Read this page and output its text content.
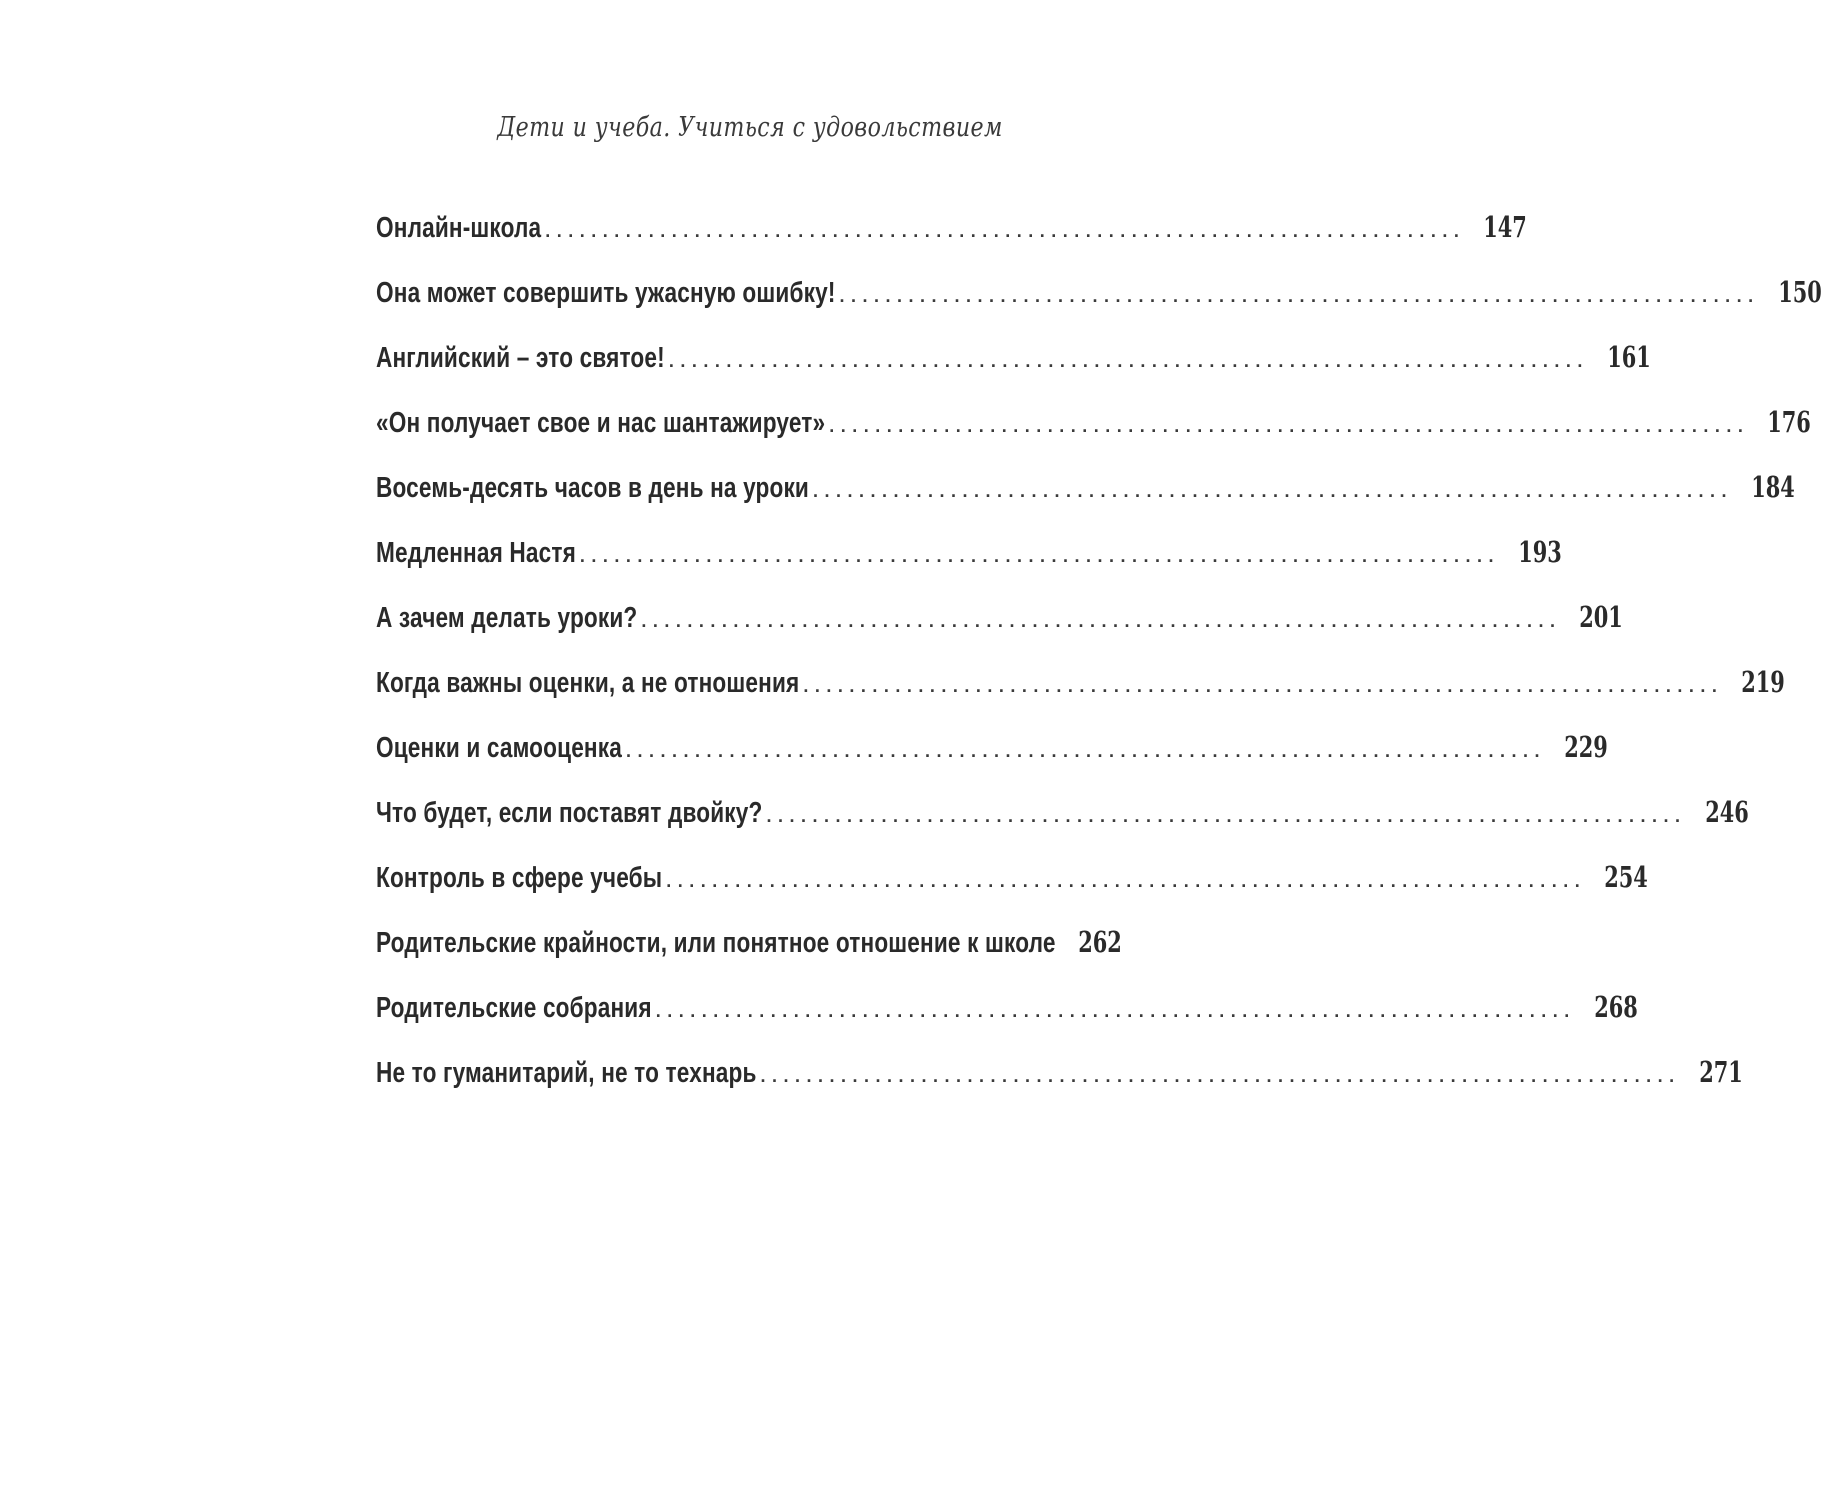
Дети и учеба. Учиться с удовольствием
Онлайн-школа ................................................................................ 147
Она может совершить ужасную ошибку! ................................................................................ 150
Английский – это святое! ................................................................................ 161
«Он получает свое и нас шантажирует» ................................................................................ 176
Восемь-десять часов в день на уроки ................................................................................ 184
Медленная Настя ................................................................................ 193
А зачем делать уроки? ................................................................................ 201
Когда важны оценки, а не отношения ................................................................................ 219
Оценки и самооценка ................................................................................ 229
Что будет, если поставят двойку? ................................................................................ 246
Контроль в сфере учебы ................................................................................ 254
Родительские крайности, или понятное отношение к школе 262
Родительские собрания ................................................................................ 268
Не то гуманитарий, не то технарь ................................................................................ 271
